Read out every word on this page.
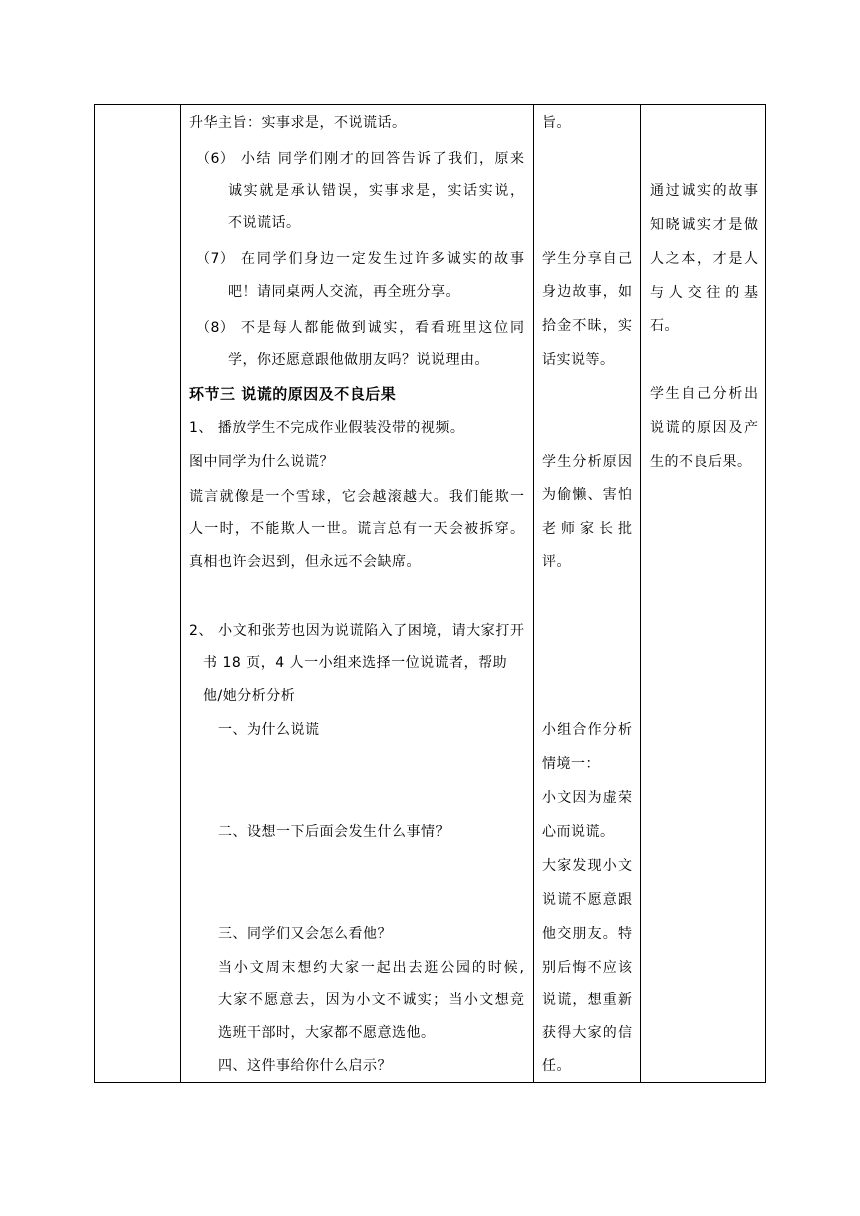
升华主旨：实事求是，不说谎话。
（6） 小结 同学们刚才的回答告诉了我们，原来
诚实就是承认错误，实事求是，实话实说，
不说谎话。
（7） 在同学们身边一定发生过许多诚实的故事
吧！请同桌两人交流，再全班分享。
（8） 不是每人都能做到诚实，看看班里这位同
学，你还愿意跟他做朋友吗？说说理由。
环节三 说谎的原因及不良后果
1、 播放学生不完成作业假装没带的视频。
图中同学为什么说谎？
谎言就像是一个雪球，它会越滚越大。我们能欺一
人一时，不能欺人一世。谎言总有一天会被拆穿。
真相也许会迟到，但永远不会缺席。
2、 小文和张芳也因为说谎陷入了困境，请大家打开
书 18 页，4 人一小组来选择一位说谎者，帮助
他/她分析分析
一、为什么说谎
二、设想一下后面会发生什么事情？
三、同学们又会怎么看他？
当小文周末想约大家一起出去逛公园的时候,
大家不愿意去，因为小文不诚实；当小文想竞
选班干部时，大家都不愿意选他。
四、这件事给你什么启示？
旨。
学生分享自己
身边故事，如
拾金不昧，实
话实说等。
学生分析原因
为偷懒、害怕
老师家长批
评。
小组合作分析
情境一：
小文因为虚荣
心而说谎。
大家发现小文
说谎不愿意跟
他交朋友。特
别后悔不应该
说谎，想重新
获得大家的信
任。
通过诚实的故事
知晓诚实才是做
人之本，才是人
与人交往的基
石。
学生自己分析出
说谎的原因及产
生的不良后果。
